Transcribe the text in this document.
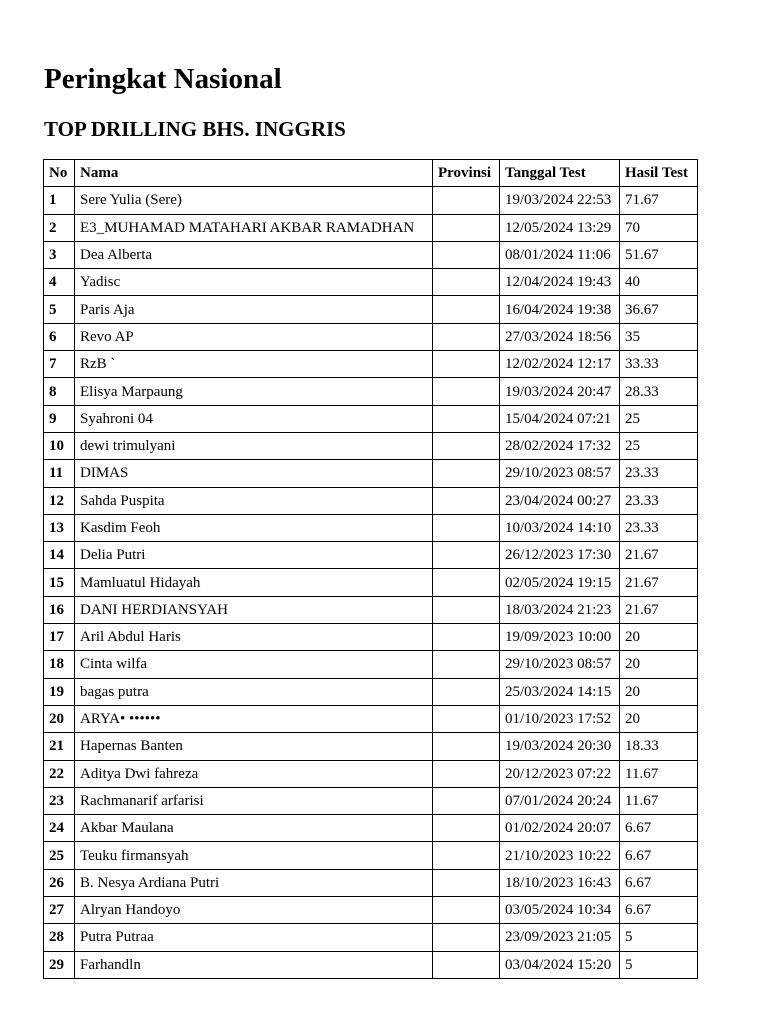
Peringkat Nasional
TOP DRILLING BHS. INGGRIS
No	Nama	Provinsi	Tanggal Test	Hasil Test
1	Sere Yulia (Sere)		19/03/2024 22:53	71.67
2	E3_MUHAMAD MATAHARI AKBAR RAMADHAN		12/05/2024 13:29	70
3	Dea Alberta		08/01/2024 11:06	51.67
4	Yadisc		12/04/2024 19:43	40
5	Paris Aja		16/04/2024 19:38	36.67
6	Revo AP		27/03/2024 18:56	35
7	RzB `		12/02/2024 12:17	33.33
8	Elisya Marpaung		19/03/2024 20:47	28.33
9	Syahroni 04		15/04/2024 07:21	25
10	dewi trimulyani		28/02/2024 17:32	25
11	DIMAS		29/10/2023 08:57	23.33
12	Sahda Puspita		23/04/2024 00:27	23.33
13	Kasdim Feoh		10/03/2024 14:10	23.33
14	Delia Putri		26/12/2023 17:30	21.67
15	Mamluatul Hidayah		02/05/2024 19:15	21.67
16	DANI HERDIANSYAH		18/03/2024 21:23	21.67
17	Aril Abdul Haris		19/09/2023 10:00	20
18	Cinta wilfa		29/10/2023 08:57	20
19	bagas putra		25/03/2024 14:15	20
20	ARYA• ••••••		01/10/2023 17:52	20
21	Hapernas Banten		19/03/2024 20:30	18.33
22	Aditya Dwi fahreza		20/12/2023 07:22	11.67
23	Rachmanarif arfarisi		07/01/2024 20:24	11.67
24	Akbar Maulana		01/02/2024 20:07	6.67
25	Teuku firmansyah		21/10/2023 10:22	6.67
26	B. Nesya Ardiana Putri		18/10/2023 16:43	6.67
27	Alryan Handoyo		03/05/2024 10:34	6.67
28	Putra Putraa		23/09/2023 21:05	5
29	Farhandln		03/04/2024 15:20	5
